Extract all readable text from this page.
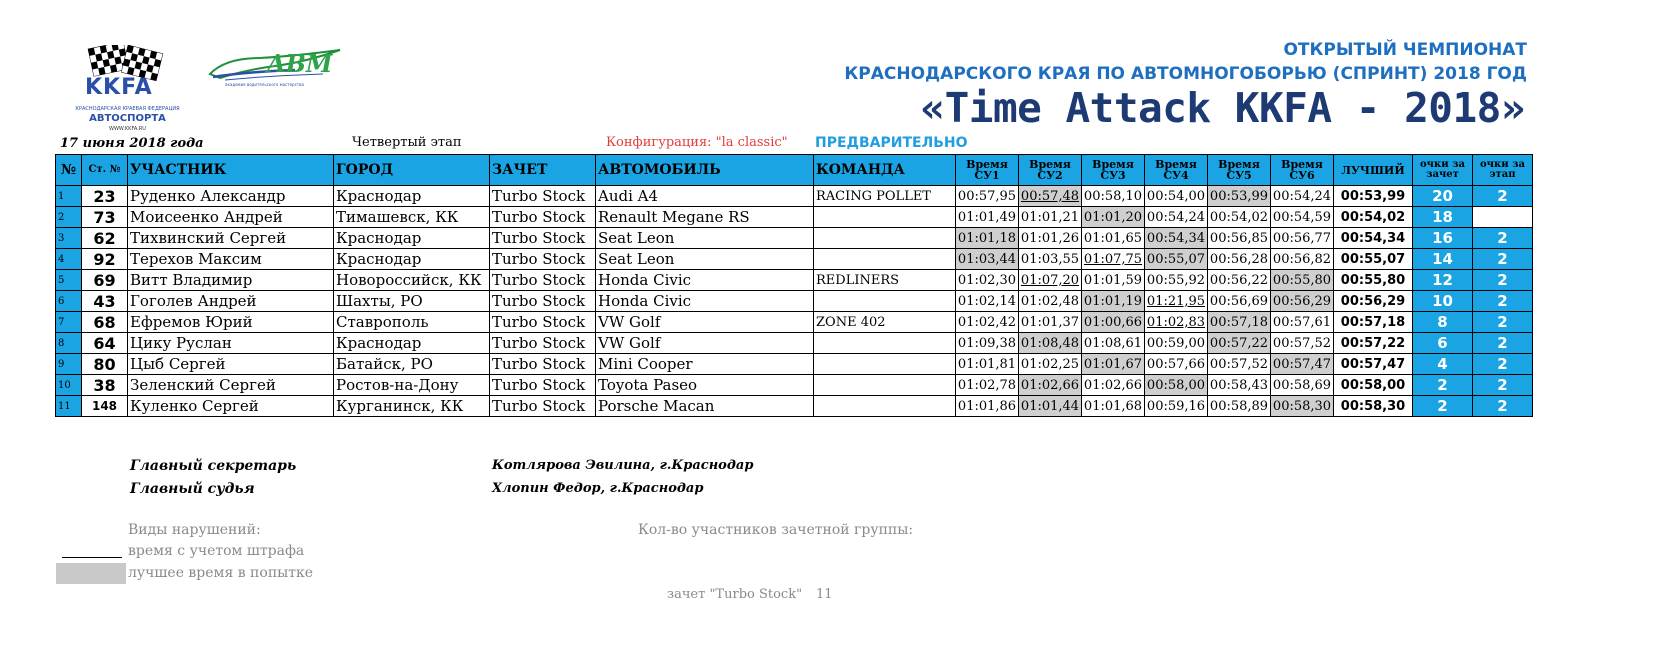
KKFA
КРАСНОДАРСКАЯ КРАЕВАЯ ФЕДЕРАЦИЯ
АВТОСПОРТА
WWW.KKFA.RU
ABM
академия водительского мастерства
ОТКРЫТЫЙ ЧЕМПИОНАТ
КРАСНОДАРСКОГО КРАЯ ПО АВТОМНОГОБОРЬЮ (СПРИНТ) 2018 ГОД
«Time Attack KKFA - 2018»
17 июня 2018 года	Четвертый этап	Конфигурация: "la classic" ПРЕДВАРИТЕЛЬНО
№	Ст. №	УЧАСТНИК	ГОРОД	ЗАЧЕТ	АВТОМОБИЛЬ	КОМАНДА	Время СУ1	Время СУ2	Время СУ3	Время СУ4	Время СУ5	Время СУ6	ЛУЧШИЙ	очки за зачет	очки за этап
1	23	Руденко Александр	Краснодар	Turbo Stock	Audi A4	RACING POLLET	00:57,95	00:57,48	00:58,10	00:54,00	00:53,99	00:54,24	00:53,99	20	2
2	73	Моисеенко Андрей	Тимашевск, КК	Turbo Stock	Renault Megane RS		01:01,49	01:01,21	01:01,20	00:54,24	00:54,02	00:54,59	00:54,02	18	
3	62	Тихвинский Сергей	Краснодар	Turbo Stock	Seat Leon		01:01,18	01:01,26	01:01,65	00:54,34	00:56,85	00:56,77	00:54,34	16	2
4	92	Терехов Максим	Краснодар	Turbo Stock	Seat Leon		01:03,44	01:03,55	01:07,75	00:55,07	00:56,28	00:56,82	00:55,07	14	2
5	69	Витт Владимир	Новороссийск, КК	Turbo Stock	Honda Civic	REDLINERS	01:02,30	01:07,20	01:01,59	00:55,92	00:56,22	00:55,80	00:55,80	12	2
6	43	Гоголев Андрей	Шахты, РО	Turbo Stock	Honda Civic		01:02,14	01:02,48	01:01,19	01:21,95	00:56,69	00:56,29	00:56,29	10	2
7	68	Ефремов Юрий	Ставрополь	Turbo Stock	VW Golf	ZONE 402	01:02,42	01:01,37	01:00,66	01:02,83	00:57,18	00:57,61	00:57,18	8	2
8	64	Цику Руслан	Краснодар	Turbo Stock	VW Golf		01:09,38	01:08,48	01:08,61	00:59,00	00:57,22	00:57,52	00:57,22	6	2
9	80	Цыб Сергей	Батайск, РО	Turbo Stock	Mini Cooper		01:01,81	01:02,25	01:01,67	00:57,66	00:57,52	00:57,47	00:57,47	4	2
10	38	Зеленский Сергей	Ростов-на-Дону	Turbo Stock	Toyota Paseo		01:02,78	01:02,66	01:02,66	00:58,00	00:58,43	00:58,69	00:58,00	2	2
11	148	Куленко Сергей	Курганинск, КК	Turbo Stock	Porsche Macan		01:01,86	01:01,44	01:01,68	00:59,16	00:58,89	00:58,30	00:58,30	2	2
Главный секретарь	Котлярова Эвилина, г.Краснодар
Главный судья	Хлопин Федор, г.Краснодар
Виды нарушений:	Кол-во участников зачетной группы:
время с учетом штрафа
лучшее время в попытке
зачет "Turbo Stock" 11
